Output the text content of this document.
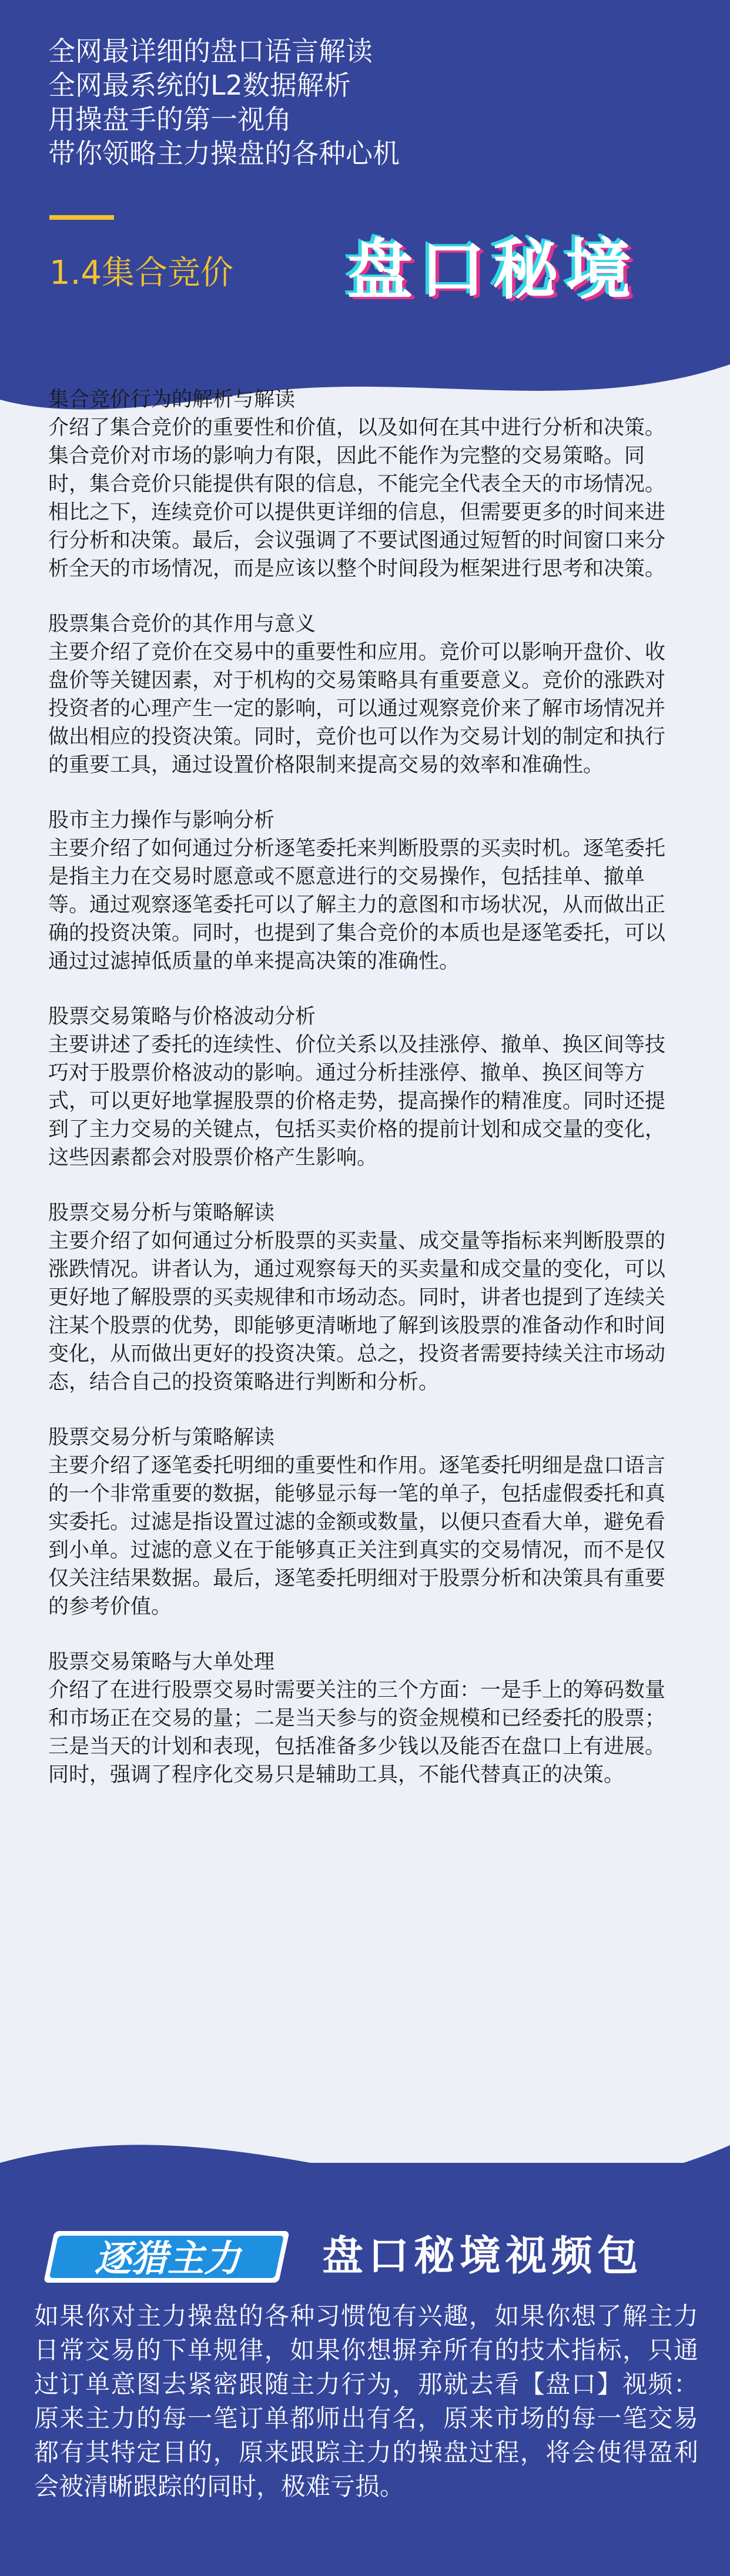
全网最详细的盘口语言解读
全网最系统的L2数据解析
用操盘手的第一视角
带你领略主力操盘的各种心机
1.4集合竞价 盘口秘境
集合竞价行为的解析与解读

介绍了集合竞价的重要性和价值，以及如何在其中进行分析和决策。集合竞价对市场的影响力有限，因此不能作为完整的交易策略。同时，集合竞价只能提供有限的信息，不能完全代表全天的市场情况。相比之下，连续竞价可以提供更详细的信息，但需要更多的时间来进行分析和决策。最后，会议强调了不要试图通过短暂的时间窗口来分析全天的市场情况，而是应该以整个时间段为框架进行思考和决策。

股票集合竞价的其作用与意义

主要介绍了竞价在交易中的重要性和应用。竞价可以影响开盘价、收盘价等关键因素，对于机构的交易策略具有重要意义。竞价的涨跌对投资者的心理产生一定的影响，可以通过观察竞价来了解市场情况并做出相应的投资决策。同时，竞价也可以作为交易计划的制定和执行的重要工具，通过设置价格限制来提高交易的效率和准确性。

股市主力操作与影响分析

主要介绍了如何通过分析逐笔委托来判断股票的买卖时机。逐笔委托是指主力在交易时愿意或不愿意进行的交易操作，包括挂单、撤单等。通过观察逐笔委托可以了解主力的意图和市场状况，从而做出正确的投资决策。同时，也提到了集合竞价的本质也是逐笔委托，可以通过过滤掉低质量的单来提高决策的准确性。

股票交易策略与价格波动分析

主要讲述了委托的连续性、价位关系以及挂涨停、撤单、换区间等技巧对于股票价格波动的影响。通过分析挂涨停、撤单、换区间等方式，可以更好地掌握股票的价格走势，提高操作的精准度。同时还提到了主力交易的关键点，包括买卖价格的提前计划和成交量的变化，这些因素都会对股票价格产生影响。

股票交易分析与策略解读

主要介绍了如何通过分析股票的买卖量、成交量等指标来判断股票的涨跌情况。讲者认为，通过观察每天的买卖量和成交量的变化，可以更好地了解股票的买卖规律和市场动态。同时，讲者也提到了连续关注某个股票的优势，即能够更清晰地了解到该股票的准备动作和时间变化，从而做出更好的投资决策。总之，投资者需要持续关注市场动态，结合自己的投资策略进行判断和分析。

股票交易分析与策略解读

主要介绍了逐笔委托明细的重要性和作用。逐笔委托明细是盘口语言的一个非常重要的数据，能够显示每一笔的单子，包括虚假委托和真实委托。过滤是指设置过滤的金额或数量，以便只查看大单，避免看到小单。过滤的意义在于能够真正关注到真实的交易情况，而不是仅仅关注结果数据。最后，逐笔委托明细对于股票分析和决策具有重要的参考价值。

股票交易策略与大单处理

介绍了在进行股票交易时需要关注的三个方面：一是手上的筹码数量和市场正在交易的量；二是当天参与的资金规模和已经委托的股票；三是当天的计划和表现，包括准备多少钱以及能否在盘口上有进展。同时，强调了程序化交易只是辅助工具，不能代替真正的决策。

逐猎主力 盘口秘境视频包
如果你对主力操盘的各种习惯饱有兴趣，如果你想了解主力日常交易的下单规律，如果你想摒弃所有的技术指标，只通过订单意图去紧密跟随主力行为，那就去看【盘口】视频：原来主力的每一笔订单都师出有名，原来市场的每一笔交易都有其特定目的，原来跟踪主力的操盘过程，将会使得盈利会被清晰跟踪的同时，极难亏损。
